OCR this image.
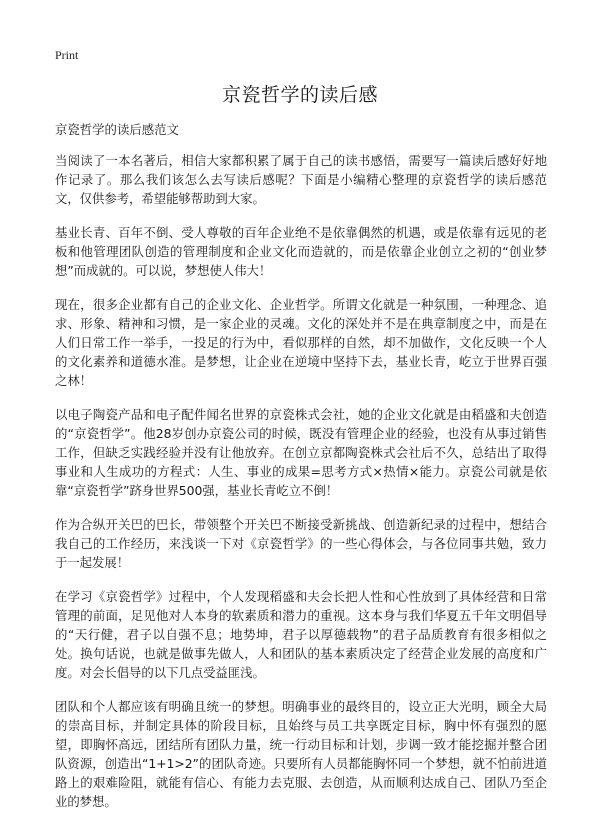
Print
京瓷哲学的读后感

京瓷哲学的读后感范文

当阅读了一本名著后，相信大家都积累了属于自己的读书感悟，需要写一篇读后感好好地作记录了。那么我们该怎么去写读后感呢？下面是小编精心整理的京瓷哲学的读后感范文，仅供参考，希望能够帮助到大家。

基业长青、百年不倒、受人尊敬的百年企业绝不是依靠偶然的机遇，或是依靠有远见的老板和他管理团队创造的管理制度和企业文化而造就的，而是依靠企业创立之初的“创业梦想”而成就的。可以说，梦想使人伟大！

现在，很多企业都有自己的企业文化、企业哲学。所谓文化就是一种氛围，一种理念、追求、形象、精神和习惯，是一家企业的灵魂。文化的深处并不是在典章制度之中，而是在人们日常工作一举手，一投足的行为中，看似那样的自然，却不加做作，文化反映一个人的文化素养和道德水准。是梦想，让企业在逆境中坚持下去，基业长青，屹立于世界百强之林！

以电子陶瓷产品和电子配件闻名世界的京瓷株式会社，她的企业文化就是由稻盛和夫创造的“京瓷哲学”。他28岁创办京瓷公司的时候，既没有管理企业的经验，也没有从事过销售工作，但缺乏实践经验并没有让他放弃。在创立京都陶瓷株式会社后不久，总结出了取得事业和人生成功的方程式：人生、事业的成果=思考方式×热情×能力。京瓷公司就是依靠“京瓷哲学”跻身世界500强，基业长青屹立不倒！

作为合纵开关巴的巴长，带领整个开关巴不断接受新挑战、创造新纪录的过程中，想结合我自己的工作经历，来浅谈一下对《京瓷哲学》的一些心得体会，与各位同事共勉，致力于一起发展！

在学习《京瓷哲学》过程中，个人发现稻盛和夫会长把人性和心性放到了具体经营和日常管理的前面，足见他对人本身的软素质和潜力的重视。这本身与我们华夏五千年文明倡导的“天行健，君子以自强不息；地势坤，君子以厚德载物”的君子品质教育有很多相似之处。换句话说，也就是做事先做人，人和团队的基本素质决定了经营企业发展的高度和广度。对会长倡导的以下几点受益匪浅。

团队和个人都应该有明确且统一的梦想。明确事业的最终目的，设立正大光明，顾全大局的崇高目标，并制定具体的阶段目标，且始终与员工共享既定目标，胸中怀有强烈的愿望，即胸怀高远，团结所有团队力量，统一行动目标和计划，步调一致才能挖掘并整合团队资源，创造出“1+1>2”的团队奇迹。只要所有人员都能胸怀同一个梦想，就不怕前进道路上的艰难险阻，就能有信心、有能力去克服、去创造，从而顺利达成自己、团队乃至企业的梦想。
